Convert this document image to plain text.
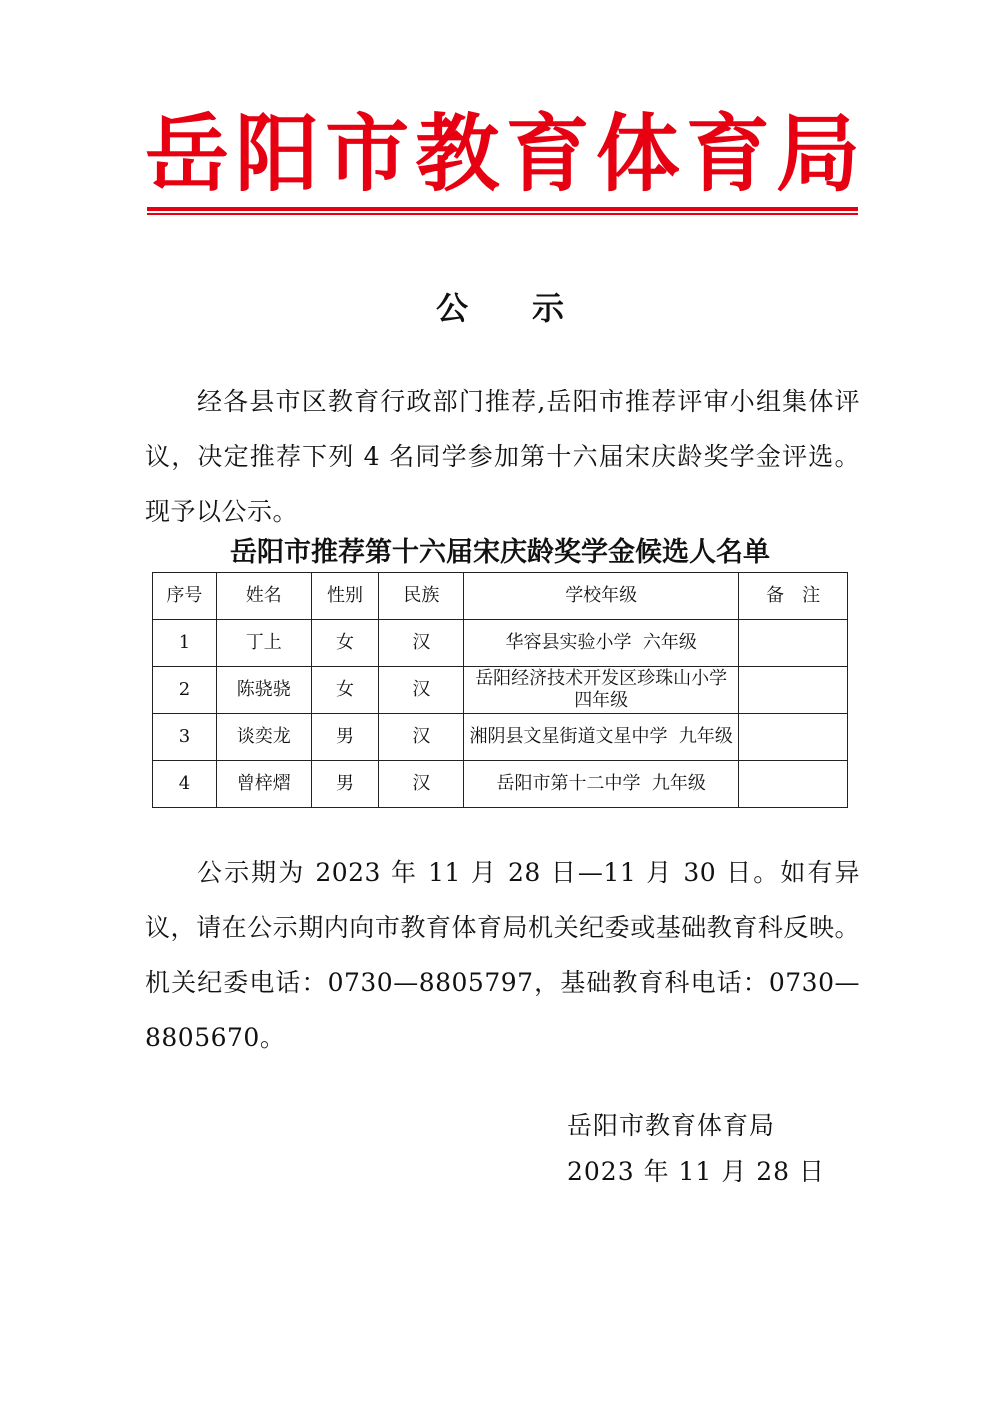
岳 阳 市 教 育 体 育 局
公示
经各县市区教育行政部门推荐,岳阳市推荐评审小组集体评议，决定推荐下列 4 名同学参加第十六届宋庆龄奖学金评选。现予以公示。
岳阳市推荐第十六届宋庆龄奖学金候选人名单
序号	姓名	性别	民族	学校年级	备　注
1	丁上	女	汉	华容县实验小学  六年级	
2	陈骁骁	女	汉	岳阳经济技术开发区珍珠山小学四年级	
3	谈奕龙	男	汉	湘阴县文星街道文星中学  九年级	
4	曾梓熠	男	汉	岳阳市第十二中学  九年级	
公示期为 2023 年 11 月 28 日—11 月 30 日。如有异议，请在公示期内向市教育体育局机关纪委或基础教育科反映。机关纪委电话：0730—8805797，基础教育科电话：0730—8805670。
岳阳市教育体育局
2023 年 11 月 28 日
